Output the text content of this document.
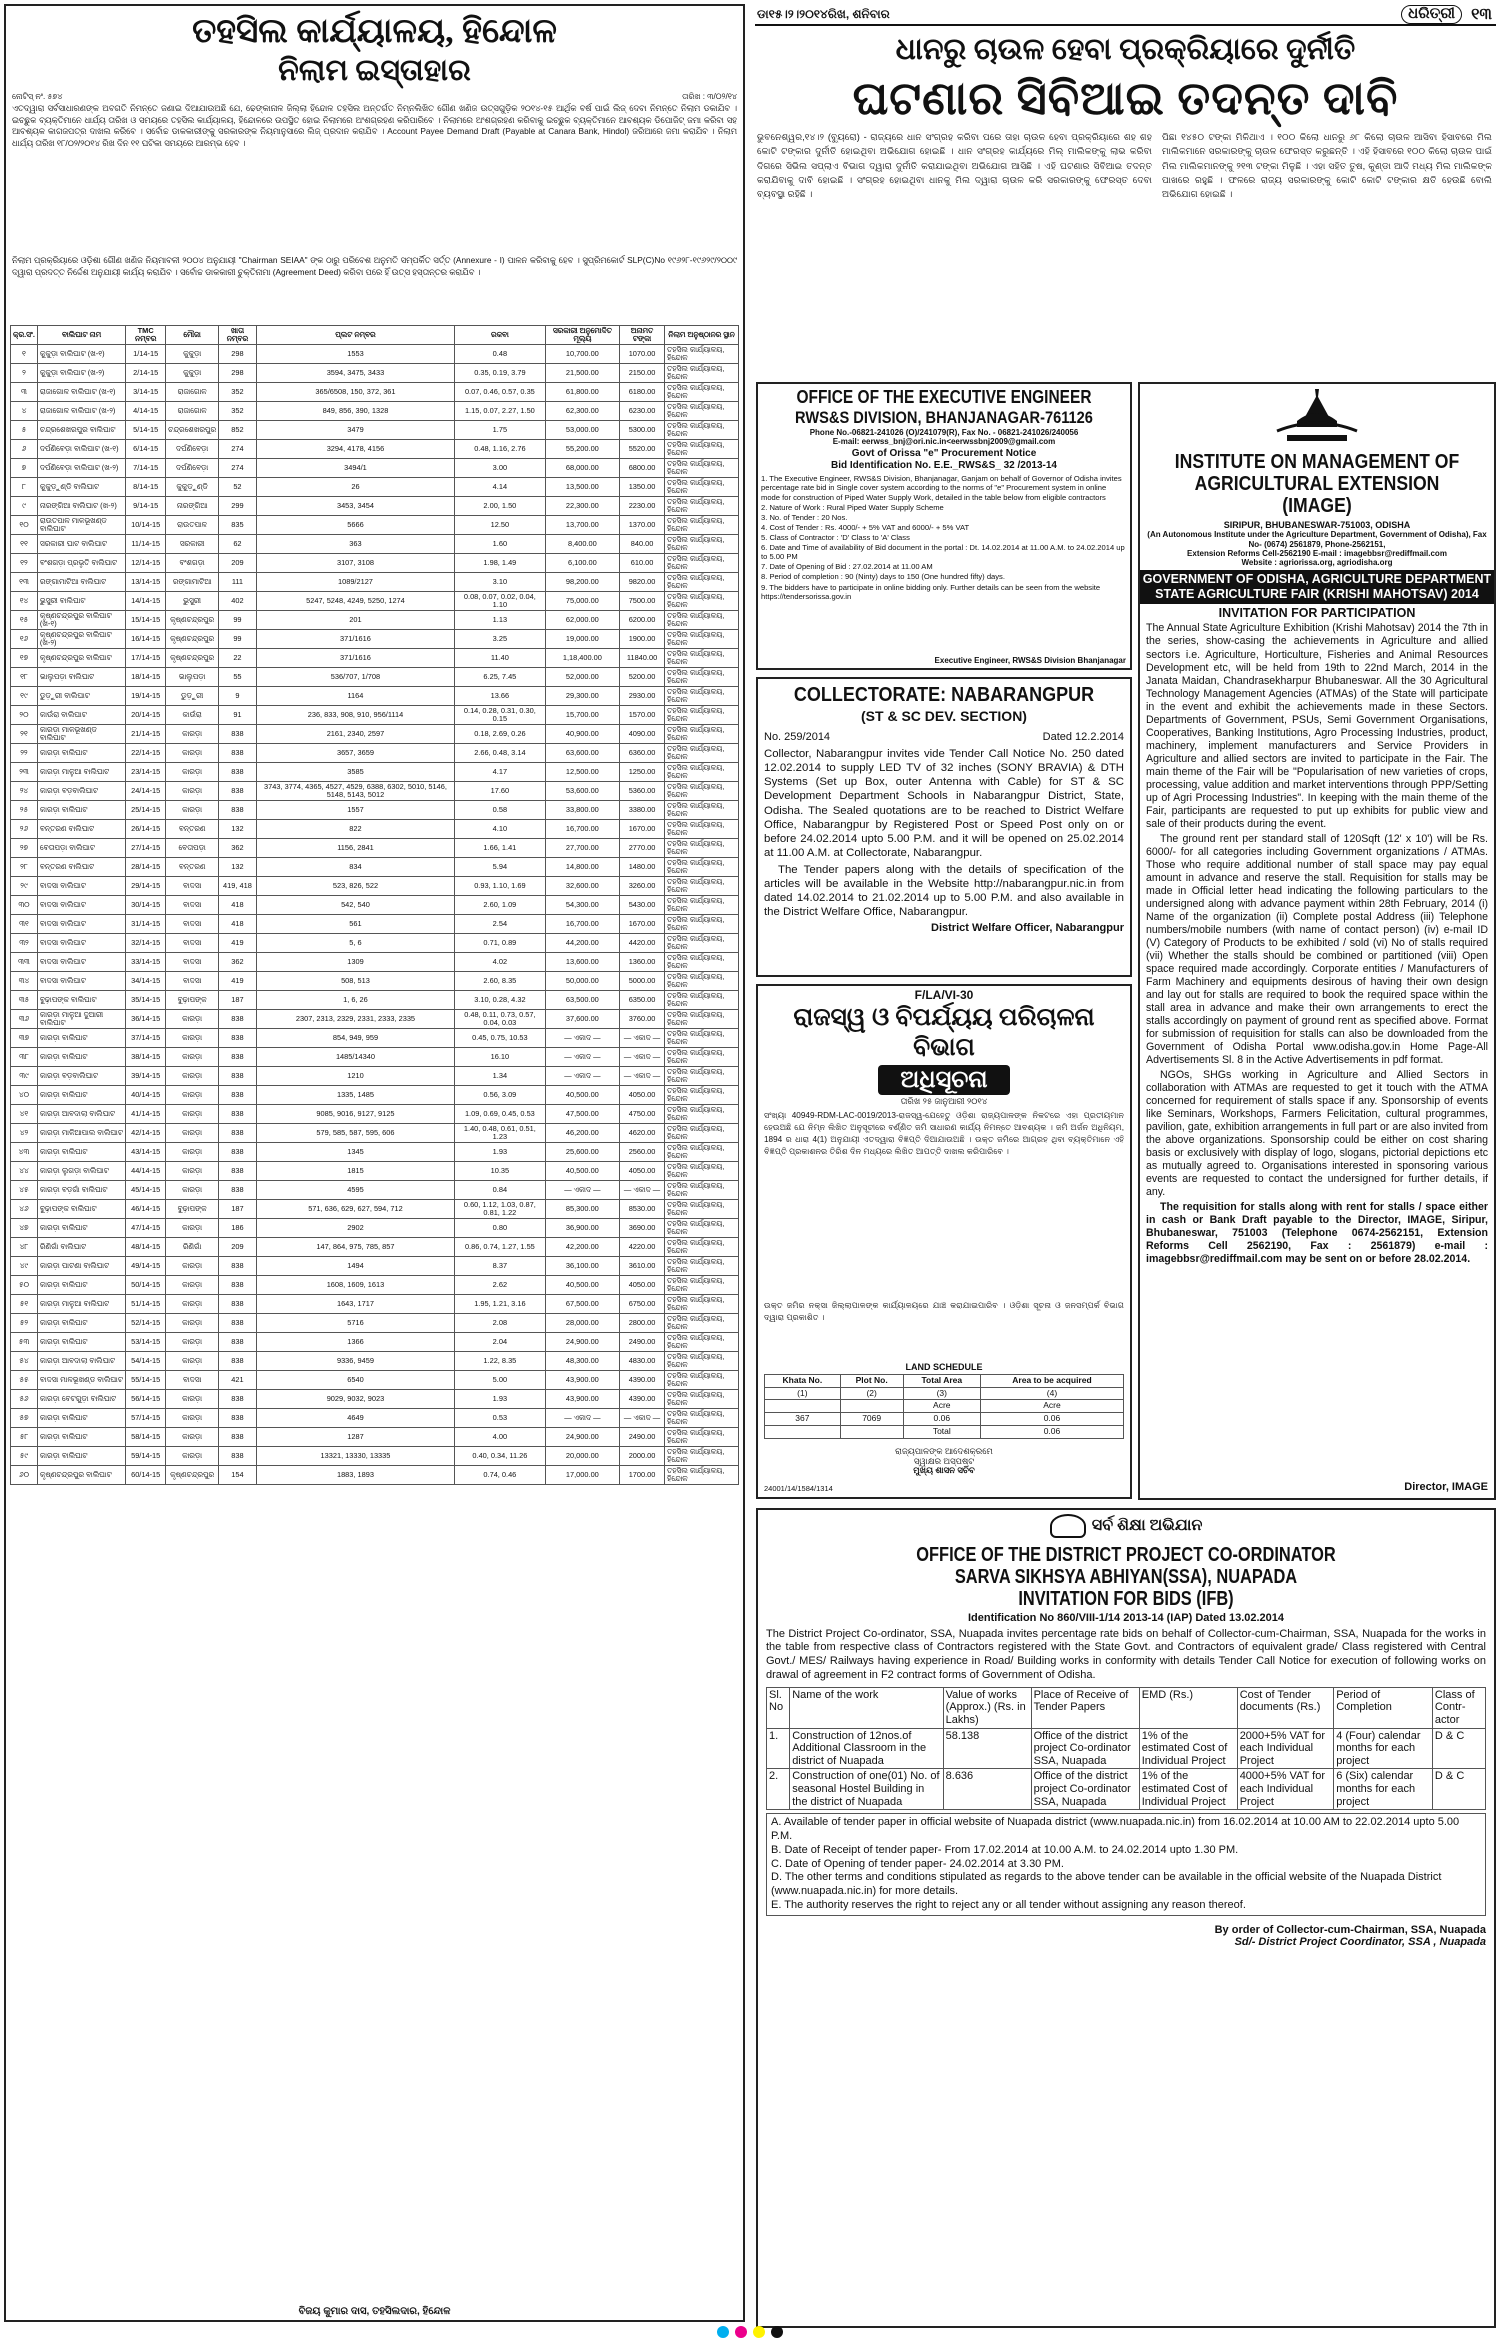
ତହସିଲ କାର୍ଯ୍ୟାଳୟ, ହିନ୍ଦୋଳ
ନିଲାମ ଇସ୍ତାହାର
ନୋଟିସ୍ ନଂ. ୫୭୪	ତାରିଖ : ୩/୦୨/୧୪
ଏତଦ୍ୱାରା ସର୍ବସାଧାରଣଙ୍କ ଅବଗତି ନିମନ୍ତେ ଜଣାଇ ଦିଆଯାଉଅଛି ଯେ, ଢେଙ୍କାନାଳ ଜିଲ୍ଲା ହିନ୍ଦୋଳ ତହସିଲ ଅନ୍ତର୍ଗତ ନିମ୍ନଲିଖିତ ଗୌଣ ଖଣିଜ ଉତ୍ସଗୁଡ଼ିକ ୨୦୧୪-୧୫ ଆର୍ଥିକ ବର୍ଷ ପାଇଁ ଲିଜ୍ ଦେବା ନିମନ୍ତେ ନିଲାମ ଡକାଯିବ । ଇଚ୍ଛୁକ ବ୍ୟକ୍ତିମାନେ ଧାର୍ଯ୍ୟ ତାରିଖ ଓ ସମୟରେ ତହସିଲ କାର୍ଯ୍ୟାଳୟ, ହିନ୍ଦୋଳରେ ଉପସ୍ଥିତ ହୋଇ ନିଲାମରେ ଅଂଶଗ୍ରହଣ କରିପାରିବେ । ନିଲାମରେ ଅଂଶଗ୍ରହଣ କରିବାକୁ ଇଚ୍ଛୁକ ବ୍ୟକ୍ତିମାନେ ଆବଶ୍ୟକ ଡିପୋଜିଟ୍ ଜମା କରିବା ସହ ଆବଶ୍ୟକ କାଗଜପତ୍ର ଦାଖଲ କରିବେ । ସର୍ବୋଚ୍ଚ ଡାକକାରୀଙ୍କୁ ସରକାରଙ୍କ ନିୟମାନୁସାରେ ଲିଜ୍ ପ୍ରଦାନ କରାଯିବ । Account Payee Demand Draft (Payable at Canara Bank, Hindol) ଜରିଆରେ ଜମା କରାଯିବ । ନିଲାମ ଧାର୍ଯ୍ୟ ତାରିଖ ୧୮/୦୨/୨୦୧୪ ରିଖ ଦିନ ୧୧ ଘଟିକା ସମୟରେ ଆରମ୍ଭ ହେବ ।
ନିଲାମ ପ୍ରକ୍ରିୟାରେ ଓଡ଼ିଶା ଗୌଣ ଖଣିଜ ନିୟମାବଳୀ ୨୦୦୪ ଅନୁଯାୟୀ "Chairman SEIAA" ଙ୍କ ଠାରୁ ପରିବେଶ ଅନୁମତି ସମ୍ପର୍କିତ ସର୍ତ୍ତ (Annexure - I) ପାଳନ କରିବାକୁ ହେବ । ସୁପ୍ରିମକୋର୍ଟ SLP(C)No ୧୯୬୨୮-୧୯୬୨୯/୨୦୦୯ ଦ୍ୱାରା ପ୍ରଦତ୍ତ ନିର୍ଦ୍ଦେଶ ଅନୁଯାୟୀ କାର୍ଯ୍ୟ କରାଯିବ । ସର୍ବୋଚ୍ଚ ଡାକକାରୀ ଚୁକ୍ତିନାମା (Agreement Deed) କରିବା ପରେ ହିଁ ଉତ୍ସ ହସ୍ତାନ୍ତର କରାଯିବ ।
କ୍ର.ସଂ.	ବାଲିଘାଟ ନାମ	TMC ନମ୍ବର	ମୌଜା	ଖାତା ନମ୍ବର	ପ୍ଲଟ ନମ୍ବର	ରକବା	ସରକାରୀ ଅନୁମୋଦିତ ମୂଲ୍ୟ	ଅନାମତ ଟଙ୍କା	ନିଲାମ ଅନୁଷ୍ଠାନର ସ୍ଥାନ
୧	କୁକୁଡ଼ା ବାଲିଘାଟ (ଖ-୧)	1/14-15	କୁକୁଡ଼ା	298	1553	0.48	10,700.00	1070.00	ତହସିଲ କାର୍ଯ୍ୟାଳୟ, ହିନ୍ଦୋଳ
୨	କୁକୁଡ଼ା ବାଲିଘାଟ (ଖ-୨)	2/14-15	କୁକୁଡ଼ା	298	3594, 3475, 3433	0.35, 0.19, 3.79	21,500.00	2150.00	ତହସିଲ କାର୍ଯ୍ୟାଳୟ, ହିନ୍ଦୋଳ
୩	ରାଜାଗୋଳ ବାଲିଘାଟ (ଖ-୧)	3/14-15	ରାଜାଗୋଳ	352	365/6508, 150, 372, 361	0.07, 0.46, 0.57, 0.35	61,800.00	6180.00	ତହସିଲ କାର୍ଯ୍ୟାଳୟ, ହିନ୍ଦୋଳ
୪	ରାଜାଗୋଳ ବାଲିଘାଟ (ଖ-୨)	4/14-15	ରାଜାଗୋଳ	352	849, 856, 390, 1328	1.15, 0.07, 2.27, 1.50	62,300.00	6230.00	ତହସିଲ କାର୍ଯ୍ୟାଳୟ, ହିନ୍ଦୋଳ
୫	ଚନ୍ଦ୍ରଶେଖରପୁର ବାଲିଘାଟ	5/14-15	ଚନ୍ଦ୍ରଶେଖରପୁର	852	3479	1.75	53,000.00	5300.00	ତହସିଲ କାର୍ଯ୍ୟାଳୟ, ହିନ୍ଦୋଳ
୬	ଦର୍ପଣିବେଡ଼ା ବାଲିଘାଟ (ଖ-୧)	6/14-15	ଦର୍ପଣିବେଡ଼ା	274	3294, 4178, 4156	0.48, 1.16, 2.76	55,200.00	5520.00	ତହସିଲ କାର୍ଯ୍ୟାଳୟ, ହିନ୍ଦୋଳ
୭	ଦର୍ପଣିବେଡ଼ା ବାଲିଘାଟ (ଖ-୨)	7/14-15	ଦର୍ପଣିବେଡ଼ା	274	3494/1	3.00	68,000.00	6800.00	ତହସିଲ କାର୍ଯ୍ୟାଳୟ, ହିନ୍ଦୋଳ
୮	କୁକୁଡ଼ୁଣ୍ଡି ବାଲିଘାଟ	8/14-15	କୁକୁଡ଼ୁଣ୍ଡି	52	26	4.14	13,500.00	1350.00	ତହସିଲ କାର୍ଯ୍ୟାଳୟ, ହିନ୍ଦୋଳ
୯	ନାରଙ୍ଗିଆ ବାଲିଘାଟ (ଖ-୨)	9/14-15	ନାରଙ୍ଗିଆ	299	3453, 3454	2.00, 1.50	22,300.00	2230.00	ତହସିଲ କାର୍ଯ୍ୟାଳୟ, ହିନ୍ଦୋଳ
୧୦	ରାଉତପାଳ ମାଳଭୂଖଣ୍ଡ ବାଲିଘାଟ	10/14-15	ରାଉତପାଳ	835	5666	12.50	13,700.00	1370.00	ତହସିଲ କାର୍ଯ୍ୟାଳୟ, ହିନ୍ଦୋଳ
୧୧	ସରକାରୀ ଘାଟ ବାଲିଘାଟ	11/14-15	ସରକାରୀ	62	363	1.60	8,400.00	840.00	ତହସିଲ କାର୍ଯ୍ୟାଳୟ, ହିନ୍ଦୋଳ
୧୨	ବଂଶଗଡ଼ା ପ୍ରଭୃତି ବାଲିଘାଟ	12/14-15	ବଂଶଗଡ଼ା	209	3107, 3108	1.98, 1.49	6,100.00	610.00	ତହସିଲ କାର୍ଯ୍ୟାଳୟ, ହିନ୍ଦୋଳ
୧୩	ରଙ୍ଗାମାଟିଆ ବାଲିଘାଟ	13/14-15	ରଙ୍ଗାମାଟିଆ	111	1089/2127	3.10	98,200.00	9820.00	ତହସିଲ କାର୍ଯ୍ୟାଳୟ, ହିନ୍ଦୋଳ
୧୪	ଭୁସୁରୀ ବାଲିଘାଟ	14/14-15	ଭୁସୁରୀ	402	5247, 5248, 4249, 5250, 1274	0.08, 0.07, 0.02, 0.04, 1.10	75,000.00	7500.00	ତହସିଲ କାର୍ଯ୍ୟାଳୟ, ହିନ୍ଦୋଳ
୧୫	କୃଷ୍ଣଚନ୍ଦ୍ରପୁର ବାଲିଘାଟ (ଖ-୧)	15/14-15	କୃଷ୍ଣଚନ୍ଦ୍ରପୁର	99	201	1.13	62,000.00	6200.00	ତହସିଲ କାର୍ଯ୍ୟାଳୟ, ହିନ୍ଦୋଳ
୧୬	କୃଷ୍ଣଚନ୍ଦ୍ରପୁର ବାଲିଘାଟ (ଖ-୨)	16/14-15	କୃଷ୍ଣଚନ୍ଦ୍ରପୁର	99	371/1616	3.25	19,000.00	1900.00	ତହସିଲ କାର୍ଯ୍ୟାଳୟ, ହିନ୍ଦୋଳ
୧୭	କୃଷ୍ଣଚନ୍ଦ୍ରପୁର ବାଲିଘାଟ	17/14-15	କୃଷ୍ଣଚନ୍ଦ୍ରପୁର	22	371/1616	11.40	1,18,400.00	11840.00	ତହସିଲ କାର୍ଯ୍ୟାଳୟ, ହିନ୍ଦୋଳ
୧୮	ଭାଲୁପଡ଼ା ବାଲିଘାଟ	18/14-15	ଭାଲୁପଡ଼ା	55	536/707, 1/708	6.25, 7.45	52,000.00	5200.00	ତହସିଲ କାର୍ଯ୍ୟାଳୟ, ହିନ୍ଦୋଳ
୧୯	ଡୁଡ଼ୁରୀ ବାଲିଘାଟ	19/14-15	ଡୁଡ଼ୁରୀ	9	1164	13.66	29,300.00	2930.00	ତହସିଲ କାର୍ଯ୍ୟାଳୟ, ହିନ୍ଦୋଳ
୨୦	କାଉଁରା ବାଲିଘାଟ	20/14-15	କାଉଁରା	91	236, 833, 908, 910, 956/1114	0.14, 0.28, 0.31, 0.30, 0.15	15,700.00	1570.00	ତହସିଲ କାର୍ଯ୍ୟାଳୟ, ହିନ୍ଦୋଳ
୨୧	କାରଡ଼ା ମାଳଭୂଖଣ୍ଡ ବାଲିଘାଟ	21/14-15	କାରଡ଼ା	838	2161, 2340, 2597	0.18, 2.69, 0.26	40,900.00	4090.00	ତହସିଲ କାର୍ଯ୍ୟାଳୟ, ହିନ୍ଦୋଳ
୨୨	କାରଡ଼ା ବାଲିଘାଟ	22/14-15	କାରଡ଼ା	838	3657, 3659	2.66, 0.48, 3.14	63,600.00	6360.00	ତହସିଲ କାର୍ଯ୍ୟାଳୟ, ହିନ୍ଦୋଳ
୨୩	କାରଡ଼ା ମାଳୁଆ ବାଲିଘାଟ	23/14-15	କାରଡ଼ା	838	3585	4.17	12,500.00	1250.00	ତହସିଲ କାର୍ଯ୍ୟାଳୟ, ହିନ୍ଦୋଳ
୨୪	କାରଡ଼ା ବଡ଼ବାଲିଘାଟ	24/14-15	କାରଡ଼ା	838	3743, 3774, 4365, 4527, 4529, 6388, 6302, 5010, 5146, 5148, 5143, 5012	17.60	53,600.00	5360.00	ତହସିଲ କାର୍ଯ୍ୟାଳୟ, ହିନ୍ଦୋଳ
୨୫	କାରଡ଼ା ବାଲିଘାଟ	25/14-15	କାରଡ଼ା	838	1557	0.58	33,800.00	3380.00	ତହସିଲ କାର୍ଯ୍ୟାଳୟ, ହିନ୍ଦୋଳ
୨୬	ବନ୍ତରଣ ବାଲିଘାଟ	26/14-15	ବନ୍ତରଣ	132	822	4.10	16,700.00	1670.00	ତହସିଲ କାର୍ଯ୍ୟାଳୟ, ହିନ୍ଦୋଳ
୨୭	ବେତାପଡ଼ା ବାଲିଘାଟ	27/14-15	ବେତାପଡ଼ା	362	1156, 2841	1.66, 1.41	27,700.00	2770.00	ତହସିଲ କାର୍ଯ୍ୟାଳୟ, ହିନ୍ଦୋଳ
୨୮	ବନ୍ତରଣ ବାଲିଘାଟ	28/14-15	ବନ୍ତରଣ	132	834	5.94	14,800.00	1480.00	ତହସିଲ କାର୍ଯ୍ୟାଳୟ, ହିନ୍ଦୋଳ
୨୯	ବାଦସା ବାଲିଘାଟ	29/14-15	ବାଦସା	419, 418	523, 826, 522	0.93, 1.10, 1.69	32,600.00	3260.00	ତହସିଲ କାର୍ଯ୍ୟାଳୟ, ହିନ୍ଦୋଳ
୩୦	ବାଦସା ବାଲିଘାଟ	30/14-15	ବାଦସା	418	542, 540	2.60, 1.09	54,300.00	5430.00	ତହସିଲ କାର୍ଯ୍ୟାଳୟ, ହିନ୍ଦୋଳ
୩୧	ବାଦସା ବାଲିଘାଟ	31/14-15	ବାଦସା	418	561	2.54	16,700.00	1670.00	ତହସିଲ କାର୍ଯ୍ୟାଳୟ, ହିନ୍ଦୋଳ
୩୨	ବାଦସା ବାଲିଘାଟ	32/14-15	ବାଦସା	419	5, 6	0.71, 0.89	44,200.00	4420.00	ତହସିଲ କାର୍ଯ୍ୟାଳୟ, ହିନ୍ଦୋଳ
୩୩	ବାଦସା ବାଲିଘାଟ	33/14-15	ବାଦସା	362	1309	4.02	13,600.00	1360.00	ତହସିଲ କାର୍ଯ୍ୟାଳୟ, ହିନ୍ଦୋଳ
୩୪	ବାଦସା ବାଲିଘାଟ	34/14-15	ବାଦସା	419	508, 513	2.60, 8.35	50,000.00	5000.00	ତହସିଲ କାର୍ଯ୍ୟାଳୟ, ହିନ୍ଦୋଳ
୩୫	ବୁଢ଼ାପଙ୍କ ବାଲିଘାଟ	35/14-15	ବୁଢ଼ାପଙ୍କ	187	1, 6, 26	3.10, 0.28, 4.32	63,500.00	6350.00	ତହସିଲ କାର୍ଯ୍ୟାଳୟ, ହିନ୍ଦୋଳ
୩୬	କାରଡ଼ା ମାଳୁଆ ଦୁଆରୀ ବାଲିଘାଟ	36/14-15	କାରଡ଼ା	838	2307, 2313, 2329, 2331, 2333, 2335	0.48, 0.11, 0.73, 0.57, 0.04, 0.03	37,600.00	3760.00	ତହସିଲ କାର୍ଯ୍ୟାଳୟ, ହିନ୍ଦୋଳ
୩୭	କାରଡ଼ା ବାଲିଘାଟ	37/14-15	କାରଡ଼ା	838	854, 949, 959	0.45, 0.75, 10.53	— ଏକାଦ —	— ଏକାଦ —	ତହସିଲ କାର୍ଯ୍ୟାଳୟ, ହିନ୍ଦୋଳ
୩୮	କାରଡ଼ା ବାଲିଘାଟ	38/14-15	କାରଡ଼ା	838	1485/14340	16.10	— ଏକାଦ —	— ଏକାଦ —	ତହସିଲ କାର୍ଯ୍ୟାଳୟ, ହିନ୍ଦୋଳ
୩୯	କାରଡ଼ା ବଡ଼ବାଲିଘାଟ	39/14-15	କାରଡ଼ା	838	1210	1.34	— ଏକାଦ —	— ଏକାଦ —	ତହସିଲ କାର୍ଯ୍ୟାଳୟ, ହିନ୍ଦୋଳ
୪୦	କାରଡ଼ା ବାଲିଘାଟ	40/14-15	କାରଡ଼ା	838	1335, 1485	0.56, 3.09	40,500.00	4050.00	ତହସିଲ କାର୍ଯ୍ୟାଳୟ, ହିନ୍ଦୋଳ
୪୧	କାରଡ଼ା ଆବଦାଲା ବାଲିଘାଟ	41/14-15	କାରଡ଼ା	838	9085, 9016, 9127, 9125	1.09, 0.69, 0.45, 0.53	47,500.00	4750.00	ତହସିଲ କାର୍ଯ୍ୟାଳୟ, ହିନ୍ଦୋଳ
୪୨	କାରଡ଼ା ମାଳିଆପାଲ ବାଲିଘାଟ	42/14-15	କାରଡ଼ା	838	579, 585, 587, 595, 606	1.40, 0.48, 0.61, 0.51, 1.23	46,200.00	4620.00	ତହସିଲ କାର୍ଯ୍ୟାଳୟ, ହିନ୍ଦୋଳ
୪୩	କାରଡ଼ା ବାଲିଘାଟ	43/14-15	କାରଡ଼ା	838	1345	1.93	25,600.00	2560.00	ତହସିଲ କାର୍ଯ୍ୟାଳୟ, ହିନ୍ଦୋଳ
୪୪	କାରଡ଼ା ଲୁଗଡ଼ା ବାଲିଘାଟ	44/14-15	କାରଡ଼ା	838	1815	10.35	40,500.00	4050.00	ତହସିଲ କାର୍ଯ୍ୟାଳୟ, ହିନ୍ଦୋଳ
୪୫	କାରଡ଼ା ବଡ଼ଗାଁ ବାଲିଘାଟ	45/14-15	କାରଡ଼ା	838	4595	0.84	— ଏକାଦ —	— ଏକାଦ —	ତହସିଲ କାର୍ଯ୍ୟାଳୟ, ହିନ୍ଦୋଳ
୪୬	ବୁଢ଼ାପଙ୍କ ବାଲିଘାଟ	46/14-15	ବୁଢ଼ାପଙ୍କ	187	571, 636, 629, 627, 594, 712	0.60, 1.12, 1.03, 0.87, 0.81, 1.22	85,300.00	8530.00	ତହସିଲ କାର୍ଯ୍ୟାଳୟ, ହିନ୍ଦୋଳ
୪୭	କାରଡ଼ା ବାଲିଘାଟ	47/14-15	କାରଡ଼ା	186	2902	0.80	36,900.00	3690.00	ତହସିଲ କାର୍ଯ୍ୟାଳୟ, ହିନ୍ଦୋଳ
୪୮	ରିଣିଗାଁ ବାଲିଘାଟ	48/14-15	ରିଣିଗାଁ	209	147, 864, 975, 785, 857	0.86, 0.74, 1.27, 1.55	42,200.00	4220.00	ତହସିଲ କାର୍ଯ୍ୟାଳୟ, ହିନ୍ଦୋଳ
୪୯	କାରଡ଼ା ପାଟଣା ବାଲିଘାଟ	49/14-15	କାରଡ଼ା	838	1494	8.37	36,100.00	3610.00	ତହସିଲ କାର୍ଯ୍ୟାଳୟ, ହିନ୍ଦୋଳ
୫୦	କାରଡ଼ା ବାଲିଘାଟ	50/14-15	କାରଡ଼ା	838	1608, 1609, 1613	2.62	40,500.00	4050.00	ତହସିଲ କାର୍ଯ୍ୟାଳୟ, ହିନ୍ଦୋଳ
୫୧	କାରଡ଼ା ମାଳୁଆ ବାଲିଘାଟ	51/14-15	କାରଡ଼ା	838	1643, 1717	1.95, 1.21, 3.16	67,500.00	6750.00	ତହସିଲ କାର୍ଯ୍ୟାଳୟ, ହିନ୍ଦୋଳ
୫୨	କାରଡ଼ା ବାଲିଘାଟ	52/14-15	କାରଡ଼ା	838	5716	2.08	28,000.00	2800.00	ତହସିଲ କାର୍ଯ୍ୟାଳୟ, ହିନ୍ଦୋଳ
୫୩	କାରଡ଼ା ବାଲିଘାଟ	53/14-15	କାରଡ଼ା	838	1366	2.04	24,900.00	2490.00	ତହସିଲ କାର୍ଯ୍ୟାଳୟ, ହିନ୍ଦୋଳ
୫୪	କାରଡ଼ା ଆବଦାଲା ବାଲିଘାଟ	54/14-15	କାରଡ଼ା	838	9336, 9459	1.22, 8.35	48,300.00	4830.00	ତହସିଲ କାର୍ଯ୍ୟାଳୟ, ହିନ୍ଦୋଳ
୫୫	ବାଦସା ମାଳଭୂଖଣ୍ଡ ବାଲିଘାଟ	55/14-15	ବାଦସା	421	6540	5.00	43,900.00	4390.00	ତହସିଲ କାର୍ଯ୍ୟାଳୟ, ହିନ୍ଦୋଳ
୫୬	କାରଡ଼ା ବେଟଗୁଡ଼ା ବାଲିଘାଟ	56/14-15	କାରଡ଼ା	838	9029, 9032, 9023	1.93	43,900.00	4390.00	ତହସିଲ କାର୍ଯ୍ୟାଳୟ, ହିନ୍ଦୋଳ
୫୭	କାରଡ଼ା ବାଲିଘାଟ	57/14-15	କାରଡ଼ା	838	4649	0.53	— ଏକାଦ —	— ଏକାଦ —	ତହସିଲ କାର୍ଯ୍ୟାଳୟ, ହିନ୍ଦୋଳ
୫୮	କାରଡ଼ା ବାଲିଘାଟ	58/14-15	କାରଡ଼ା	838	1287	4.00	24,900.00	2490.00	ତହସିଲ କାର୍ଯ୍ୟାଳୟ, ହିନ୍ଦୋଳ
୫୯	କାରଡ଼ା ବାଲିଘାଟ	59/14-15	କାରଡ଼ା	838	13321, 13330, 13335	0.40, 0.34, 11.26	20,000.00	2000.00	ତହସିଲ କାର୍ଯ୍ୟାଳୟ, ହିନ୍ଦୋଳ
୬୦	କୃଷ୍ଣଚନ୍ଦ୍ରପୁର ବାଲିଘାଟ	60/14-15	କୃଷ୍ଣଚନ୍ଦ୍ରପୁର	154	1883, 1893	0.74, 0.46	17,000.00	1700.00	ତହସିଲ କାର୍ଯ୍ୟାଳୟ, ହିନ୍ଦୋଳ
ବିଜୟ କୁମାର ଦାସ, ତହସିଲଦାର, ହିନ୍ଦୋଳ
ଡା୧୫।୨।୨୦୧୪ରିଖ, ଶନିବାର	ଧରିତ୍ରୀ	୧୩
ଧାନରୁ ଚାଉଳ ହେବା ପ୍ରକ୍ରିୟାରେ ଦୁର୍ନୀତି
ଘଟଣାର ସିବିଆଇ ତଦନ୍ତ ଦାବି
ଭୁବନେଶ୍ୱର,୧୪।୨ (ବ୍ୟୁରୋ) - ରାଜ୍ୟରେ ଧାନ ସଂଗ୍ରହ କରିବା ପରେ ତାହା ଚାଉଳ ହେବା ପ୍ରକ୍ରିୟାରେ ଶହ ଶହ କୋଟି ଟଙ୍କାର ଦୁର୍ନୀତି ହୋଇଥିବା ଅଭିଯୋଗ ହୋଇଛି । ଧାନ ସଂଗ୍ରହ କାର୍ଯ୍ୟରେ ମିଲ୍ ମାଲିକଙ୍କୁ ଲାଭ କରିବା ଦିଗରେ ସିଭିଲ ସପ୍ଲାଏ ବିଭାଗ ଦ୍ୱାରା ଦୁର୍ନୀତି କରାଯାଇଥିବା ଅଭିଯୋଗ ଆସିଛି । ଏହି ଘଟଣାର ସିବିଆଇ ତଦନ୍ତ କରାଯିବାକୁ ଦାବି ହୋଇଛି । ସଂଗ୍ରହ ହୋଇଥିବା ଧାନକୁ ମିଲ ଦ୍ୱାରା ଚାଉଳ କରି ସରକାରଙ୍କୁ ଫେରସ୍ତ ଦେବା ବ୍ୟବସ୍ଥା ରହିଛି ।
ପିଛା ୧୪୫୦ ଟଙ୍କା ମିଳିଥାଏ । ୧୦୦ କିଲୋ ଧାନରୁ ୬୮ କିଲୋ ଚାଉଳ ଆସିବା ହିସାବରେ ମିଲ ମାଲିକମାନେ ସରକାରଙ୍କୁ ଚାଉଳ ଫେରସ୍ତ କରୁଛନ୍ତି । ଏହି ହିସାବରେ ୧୦୦ କିଲୋ ଚାଉଳ ପାଇଁ ମିଲ ମାଲିକମାନଙ୍କୁ ୨୧୩ ଟଙ୍କା ମିଳୁଛି । ଏହା ସହିତ ତୁଷ, କୁଣ୍ଡା ଆଦି ମଧ୍ୟ ମିଲ ମାଲିକଙ୍କ ପାଖରେ ରହୁଛି । ଫଳରେ ରାଜ୍ୟ ସରକାରଙ୍କୁ କୋଟି କୋଟି ଟଙ୍କାର କ୍ଷତି ହେଉଛି ବୋଲି ଅଭିଯୋଗ ହୋଇଛି ।
OFFICE OF THE EXECUTIVE ENGINEER
RWS&S DIVISION, BHANJANAGAR-761126
Phone No.-06821-241026 (O)/241079(R), Fax No. - 06821-241026/240056
E-mail: eerwss_bnj@ori.nic.in<eerwssbnj2009@gmail.com
Govt of Orissa "e" Procurement Notice
Bid Identification No. E.E._RWS&S_ 32 /2013-14
1. The Executive Engineer, RWS&S Division, Bhanjanagar, Ganjam on behalf of Governor of Odisha invites percentage rate bid in Single cover system according to the norms of "e" Procurement system in online mode for construction of Piped Water Supply Work, detailed in the table below from eligible contractors
2. Nature of Work : Rural Piped Water Supply Scheme
3. No. of Tender : 20 Nos.
4. Cost of Tender : Rs. 4000/- + 5% VAT and 6000/- + 5% VAT
5. Class of Contractor : 'D' Class to 'A' Class
6. Date and Time of availability of Bid document in the portal : Dt. 14.02.2014 at 11.00 A.M. to 24.02.2014 up to 5.00 PM
7. Date of Opening of Bid : 27.02.2014 at 11.00 AM
8. Period of completion : 90 (Ninty) days to 150 (One hundred fifty) days.
9. The bidders have to participate in online bidding only. Further details can be seen from the website https://tendersorissa.gov.in
Executive Engineer, RWS&S Division Bhanjanagar
COLLECTORATE: NABARANGPUR
(ST & SC DEV. SECTION)
No. 259/2014	Dated 12.2.2014
Collector, Nabarangpur invites vide Tender Call Notice No. 250 dated 12.02.2014 to supply LED TV of 32 inches (SONY BRAVIA) & DTH Systems (Set up Box, outer Antenna with Cable) for ST & SC Development Department Schools in Nabarangpur District, State, Odisha. The Sealed quotations are to be reached to District Welfare Office, Nabarangpur by Registered Post or Speed Post only on or before 24.02.2014 upto 5.00 P.M. and it will be opened on 25.02.2014 at 11.00 A.M. at Collectorate, Nabarangpur.
The Tender papers along with the details of specification of the articles will be available in the Website http://nabarangpur.nic.in from dated 14.02.2014 to 21.02.2014 up to 5.00 P.M. and also available in the District Welfare Office, Nabarangpur.
District Welfare Officer, Nabarangpur
F/LA/VI-30
ରାଜସ୍ୱ ଓ ବିପର୍ଯ୍ୟୟ ପରିଚାଳନା ବିଭାଗ
ଅଧିସୂଚନା
ତାରିଖ ୨୫ ଜାନୁଆରୀ ୨୦୧୪
ସଂଖ୍ୟା 40949-RDM-LAC-0019/2013-ରାଜସ୍ୱ-ଯେହେତୁ ଓଡ଼ିଶା ରାଜ୍ୟପାଳଙ୍କ ନିକଟରେ ଏହା ପ୍ରତୀୟମାନ ହେଉଅଛି ଯେ ନିମ୍ନ ଲିଖିତ ଅନୁସୂଚୀରେ ବର୍ଣ୍ଣିତ ଜମି ସାଧାରଣ କାର୍ଯ୍ୟ ନିମନ୍ତେ ଆବଶ୍ୟକ । ଜମି ଅର୍ଜନ ଅଧିନିୟମ, 1894 ର ଧାରା 4(1) ଅନୁଯାୟୀ ଏତଦ୍ୱାରା ବିଜ୍ଞପ୍ତି ଦିଆଯାଉଅଛି । ଉକ୍ତ ଜମିରେ ଆଗ୍ରହ ଥିବା ବ୍ୟକ୍ତିମାନେ ଏହି ବିଜ୍ଞପ୍ତି ପ୍ରକାଶନର ତିରିଶ ଦିନ ମଧ୍ୟରେ ଲିଖିତ ଆପତ୍ତି ଦାଖଲ କରିପାରିବେ ।
ଉକ୍ତ ଜମିର ନକ୍ସା ଜିଲ୍ଲାପାଳଙ୍କ କାର୍ଯ୍ୟାଳୟରେ ଯାଞ୍ଚ କରାଯାଇପାରିବ । ଓଡ଼ିଶା ସୂଚନା ଓ ଜନସମ୍ପର୍କ ବିଭାଗ ଦ୍ୱାରା ପ୍ରକାଶିତ ।
LAND SCHEDULE
Khata No.	Plot No.	Total Area	Area to be acquired
(1)	(2)	(3)	(4)
		Acre	Acre
367	7069	0.06	0.06
		Total	0.06
ରାଜ୍ୟପାଳଙ୍କ ଆଦେଶକ୍ରମେ
ସ୍ୱାକ୍ଷର ଅସ୍ପଷ୍ଟ
ମୁଖ୍ୟ ଶାସନ ସଚିବ
24001/14/1584/1314
INSTITUTE ON MANAGEMENT OF AGRICULTURAL EXTENSION (IMAGE)
SIRIPUR, BHUBANESWAR-751003, ODISHA
(An Autonomous Institute under the Agriculture Department, Government of Odisha), Fax No- (0674) 2561879, Phone-2562151,
Extension Reforms Cell-2562190 E-mail : imagebbsr@rediffmail.com
Website : agriorissa.org, agriodisha.org
GOVERNMENT OF ODISHA, AGRICULTURE DEPARTMENT
STATE AGRICULTURE FAIR (KRISHI MAHOTSAV) 2014
INVITATION FOR PARTICIPATION
The Annual State Agriculture Exhibition (Krishi Mahotsav) 2014 the 7th in the series, show-casing the achievements in Agriculture and allied sectors i.e. Agriculture, Horticulture, Fisheries and Animal Resources Development etc, will be held from 19th to 22nd March, 2014 in the Janata Maidan, Chandrasekharpur Bhubaneswar. All the 30 Agricultural Technology Management Agencies (ATMAs) of the State will participate in the event and exhibit the achievements made in these Sectors. Departments of Government, PSUs, Semi Government Organisations, Cooperatives, Banking Institutions, Agro Processing Industries, product, machinery, implement manufacturers and Service Providers in Agriculture and allied sectors are invited to participate in the Fair. The main theme of the Fair will be "Popularisation of new varieties of crops, processing, value addition and market interventions through PPP/Setting up of Agri Processing Industries". In keeping with the main theme of the Fair, participants are requested to put up exhibits for public view and sale of their products during the event.
The ground rent per standard stall of 120Sqft (12' x 10') will be Rs. 6000/- for all categories including Government organizations / ATMAs. Those who require additional number of stall space may pay equal amount in advance and reserve the stall. Requisition for stalls may be made in Official letter head indicating the following particulars to the undersigned along with advance payment within 28th February, 2014 (i) Name of the organization (ii) Complete postal Address (iii) Telephone numbers/mobile numbers (with name of contact person) (iv) e-mail ID (V) Category of Products to be exhibited / sold (vi) No of stalls required (vii) Whether the stalls should be combined or partitioned (viii) Open space required made accordingly. Corporate entities / Manufacturers of Farm Machinery and equipments desirous of having their own design and lay out for stalls are required to book the required space within the stall area in advance and make their own arrangements to erect the stalls accordingly on payment of ground rent as specified above. Format for submission of requisition for stalls can also be downloaded from the Government of Odisha Portal www.odisha.gov.in Home Page-All Advertisements Sl. 8 in the Active Advertisements in pdf format.
NGOs, SHGs working in Agriculture and Allied Sectors in collaboration with ATMAs are requested to get it touch with the ATMA concerned for requirement of stalls space if any. Sponsorship of events like Seminars, Workshops, Farmers Felicitation, cultural programmes, pavilion, gate, exhibition arrangements in full part or are also invited from the above organizations. Sponsorship could be either on cost sharing basis or exclusively with display of logo, slogans, pictorial depictions etc as mutually agreed to. Organisations interested in sponsoring various events are requested to contact the undersigned for further details, if any.
The requisition for stalls along with rent for stalls / space either in cash or Bank Draft payable to the Director, IMAGE, Siripur, Bhubaneswar, 751003 (Telephone 0674-2562151, Extension Reforms Cell 2562190, Fax : 2561879) e-mail : imagebbsr@rediffmail.com may be sent on or before 28.02.2014.
Director, IMAGE
ସର୍ବ ଶିକ୍ଷା ଅଭିଯାନ
OFFICE OF THE DISTRICT PROJECT CO-ORDINATOR
SARVA SIKHSYA ABHIYAN(SSA), NUAPADA
INVITATION FOR BIDS (IFB)
Identification No 860/VIII-1/14 2013-14 (IAP) Dated 13.02.2014
The District Project Co-ordinator, SSA, Nuapada invites percentage rate bids on behalf of Collector-cum-Chairman, SSA, Nuapada for the works in the table from respective class of Contractors registered with the State Govt. and Contractors of equivalent grade/ Class registered with Central Govt./ MES/ Railways having experience in Road/ Building works in conformity with details Tender Call Notice for execution of following works on drawal of agreement in F2 contract forms of Government of Odisha.
Sl. No	Name of the work	Value of works (Approx.) (Rs. in Lakhs)	Place of Receive of Tender Papers	EMD (Rs.)	Cost of Tender documents (Rs.)	Period of Completion	Class of Contr-actor
1.	Construction of 12nos.of Additional Classroom in the district of Nuapada	58.138	Office of the district project Co-ordinator SSA, Nuapada	1% of the estimated Cost of Individual Project	2000+5% VAT for each Individual Project	4 (Four) calendar months for each project	D & C
2.	Construction of one(01) No. of seasonal Hostel Building in the district of Nuapada	8.636	Office of the district project Co-ordinator SSA, Nuapada	1% of the estimated Cost of Individual Project	4000+5% VAT for each Individual Project	6 (Six) calendar months for each project	D & C
A. Available of tender paper in official website of Nuapada district (www.nuapada.nic.in) from 16.02.2014 at 10.00 AM to 22.02.2014 upto 5.00 P.M.
B. Date of Receipt of tender paper- From 17.02.2014 at 10.00 A.M. to 24.02.2014 upto 1.30 PM.
C. Date of Opening of tender paper- 24.02.2014 at 3.30 PM.
D. The other terms and conditions stipulated as regards to the above tender can be available in the official website of the Nuapada District (www.nuapada.nic.in) for more details.
E. The authority reserves the right to reject any or all tender without assigning any reason thereof.
By order of Collector-cum-Chairman, SSA, Nuapada
Sd/- District Project Coordinator, SSA , Nuapada
